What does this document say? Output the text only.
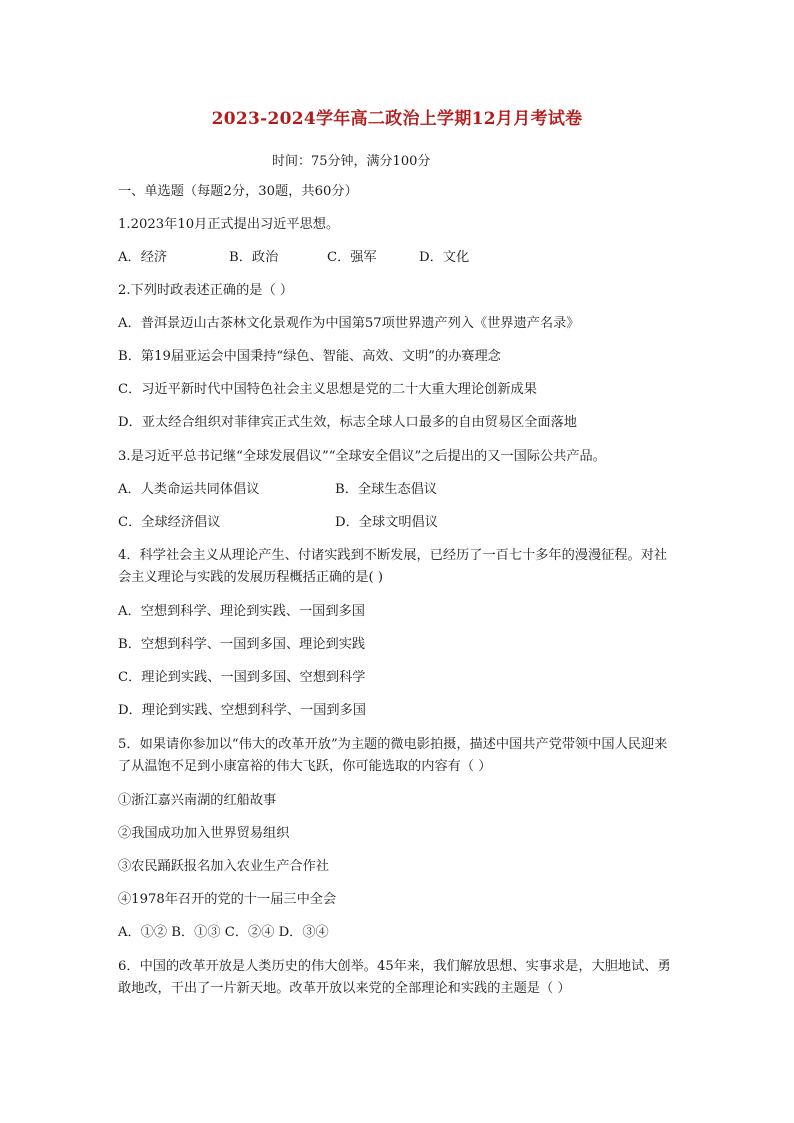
2023-2024学年高二政治上学期12月月考试卷
时间：75分钟，满分100分
一、单选题（每题2分，30题，共60分）
1.2023年10月正式提出习近平思想。
A．经济	B．政治	C．强军	D．文化
2.下列时政表述正确的是（ ）
A．普洱景迈山古茶林文化景观作为中国第57项世界遗产列入《世界遗产名录》
B．第19届亚运会中国秉持“绿色、智能、高效、文明”的办赛理念
C．习近平新时代中国特色社会主义思想是党的二十大重大理论创新成果
D．亚太经合组织对菲律宾正式生效，标志全球人口最多的自由贸易区全面落地
3.是习近平总书记继“全球发展倡议”“全球安全倡议”之后提出的又一国际公共产品。
A．人类命运共同体倡议	B．全球生态倡议
C．全球经济倡议	D．全球文明倡议
4．科学社会主义从理论产生、付诸实践到不断发展，已经历了一百七十多年的漫漫征程。对社会主义理论与实践的发展历程概括正确的是( )
A．空想到科学、理论到实践、一国到多国
B．空想到科学、一国到多国、理论到实践
C．理论到实践、一国到多国、空想到科学
D．理论到实践、空想到科学、一国到多国
5．如果请你参加以“伟大的改革开放”为主题的微电影拍摄，描述中国共产党带领中国人民迎来了从温饱不足到小康富裕的伟大飞跃，你可能选取的内容有（ ）
①浙江嘉兴南湖的红船故事
②我国成功加入世界贸易组织
③农民踊跃报名加入农业生产合作社
④1978年召开的党的十一届三中全会
A．①② B．①③ C．②④ D．③④
6．中国的改革开放是人类历史的伟大创举。45年来，我们解放思想、实事求是，大胆地试、勇敢地改，干出了一片新天地。改革开放以来党的全部理论和实践的主题是（ ）
